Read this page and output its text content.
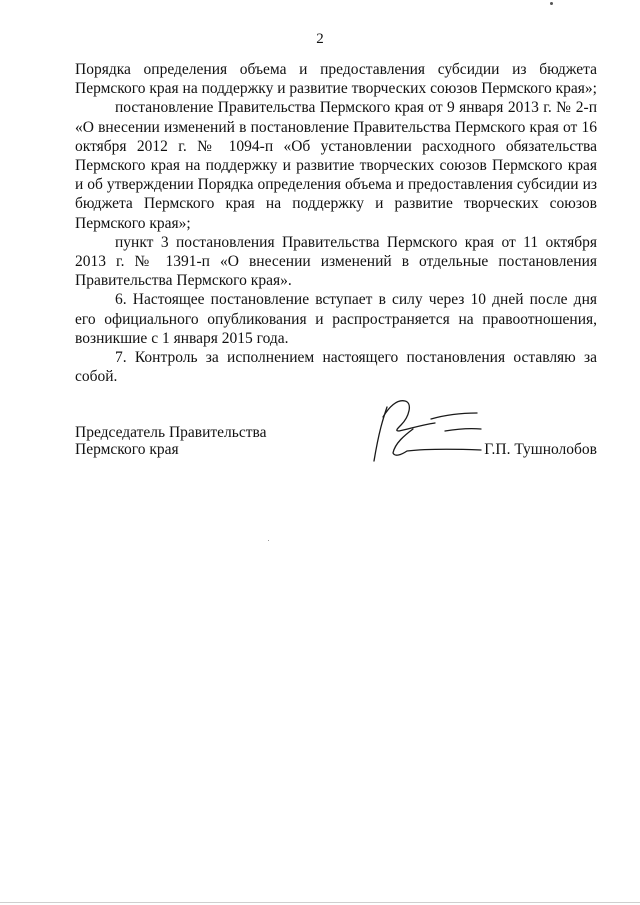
2

Порядка определения объема и предоставления субсидии из бюджета Пермского края на поддержку и развитие творческих союзов Пермского края»;

постановление Правительства Пермского края от 9 января 2013 г. № 2-п «О внесении изменений в постановление Правительства Пермского края от 16 октября 2012 г. № 1094-п «Об установлении расходного обязательства Пермского края на поддержку и развитие творческих союзов Пермского края и об утверждении Порядка определения объема и предоставления субсидии из бюджета Пермского края на поддержку и развитие творческих союзов Пермского края»;

пункт 3 постановления Правительства Пермского края от 11 октября 2013 г. № 1391-п «О внесении изменений в отдельные постановления Правительства Пермского края».

6. Настоящее постановление вступает в силу через 10 дней после дня его официального опубликования и распространяется на правоотношения, возникшие с 1 января 2015 года.

7. Контроль за исполнением настоящего постановления оставляю за собой.

Председатель Правительства
Пермского края	Г.П. Тушнолобов
